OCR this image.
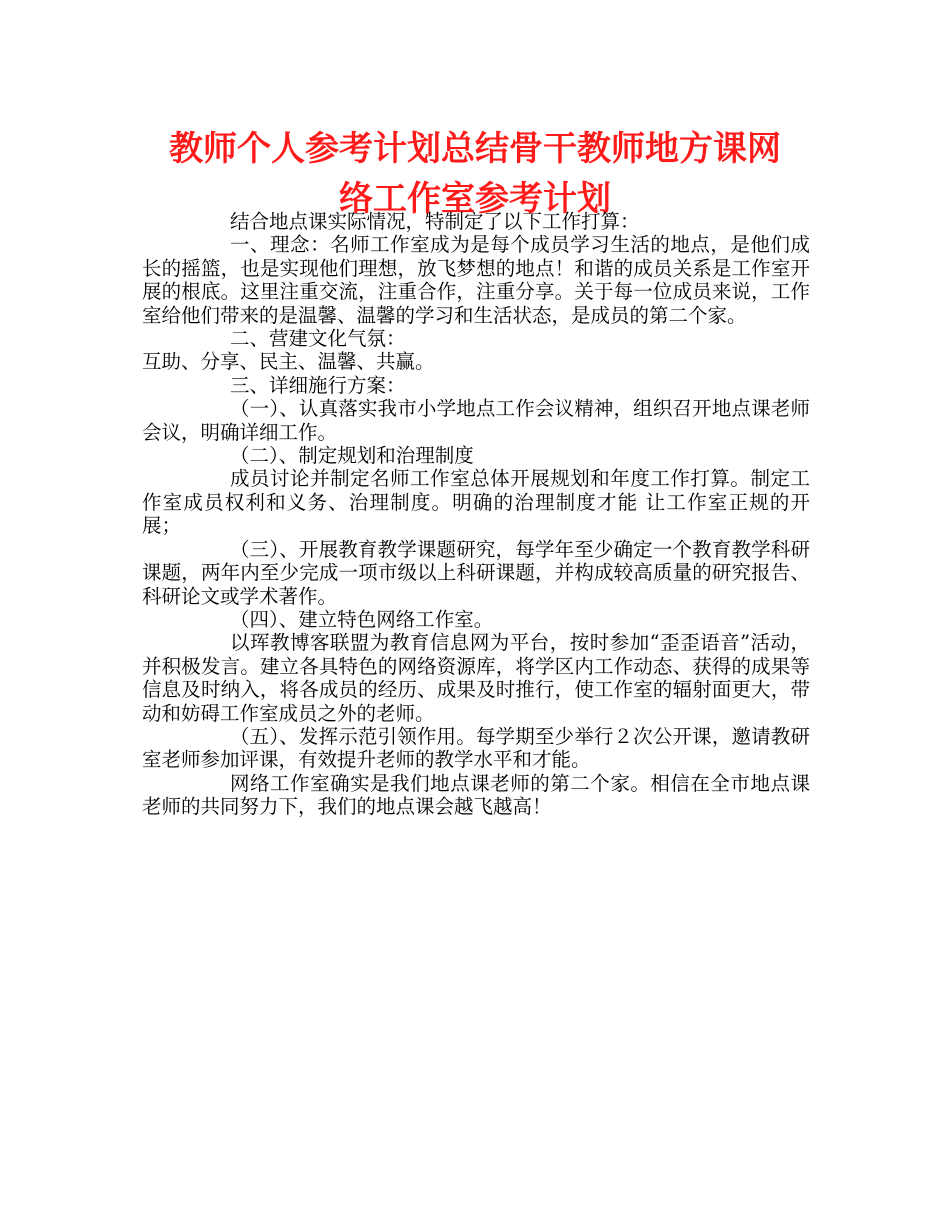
教师个人参考计划总结骨干教师地方课网
络工作室参考计划

结合地点课实际情况，特制定了以下工作打算：

一、理念：名师工作室成为是每个成员学习生活的地点，是他们成长的摇篮，也是实现他们理想，放飞梦想的地点！和谐的成员关系是工作室开展的根底。这里注重交流，注重合作，注重分享。关于每一位成员来说，工作室给他们带来的是温馨、温馨的学习和生活状态，是成员的第二个家。

二、营建文化气氛：

互助、分享、民主、温馨、共赢。

三、详细施行方案：

（一）、认真落实我市小学地点工作会议精神，组织召开地点课老师会议，明确详细工作。

（二）、制定规划和治理制度

成员讨论并制定名师工作室总体开展规划和年度工作打算。制定工作室成员权利和义务、治理制度。明确的治理制度才能 让工作室正规的开展；

（三）、开展教育教学课题研究，每学年至少确定一个教育教学科研课题，两年内至少完成一项市级以上科研课题，并构成较高质量的研究报告、科研论文或学术著作。

（四）、建立特色网络工作室。

以珲教博客联盟为教育信息网为平台，按时参加“歪歪语音”活动，并积极发言。建立各具特色的网络资源库，将学区内工作动态、获得的成果等信息及时纳入，将各成员的经历、成果及时推行，使工作室的辐射面更大，带动和妨碍工作室成员之外的老师。

（五）、发挥示范引领作用。每学期至少举行２次公开课，邀请教研室老师参加评课，有效提升老师的教学水平和才能。

网络工作室确实是我们地点课老师的第二个家。相信在全市地点课老师的共同努力下，我们的地点课会越飞越高！
